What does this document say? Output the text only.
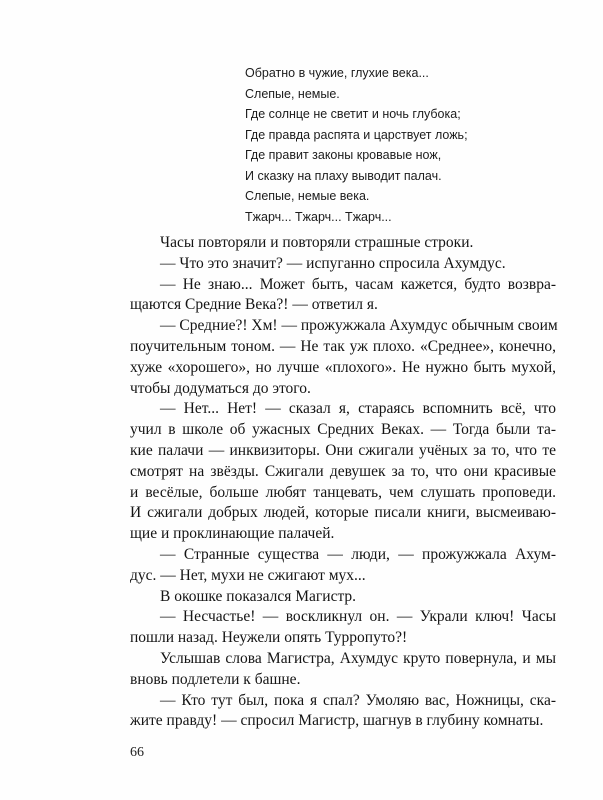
Обратно в чужие, глухие века...
Слепые, немые.
Где солнце не светит и ночь глубока;
Где правда распята и царствует ложь;
Где правит законы кровавые нож,
И сказку на плаху выводит палач.
Слепые, немые века.
Тжарч... Тжарч... Тжарч...
Часы повторяли и повторяли страшные строки.
— Что это значит? — испуганно спросила Ахумдус.
— Не знаю... Может быть, часам кажется, будто возвра-
щаются Средние Века?! — ответил я.
— Средние?! Хм! — прожужжала Ахумдус обычным своим
поучительным тоном. — Не так уж плохо. «Среднее», конечно,
хуже «хорошего», но лучше «плохого». Не нужно быть мухой,
чтобы додуматься до этого.
— Нет... Нет! — сказал я, стараясь вспомнить всё, что
учил в школе об ужасных Средних Веках. — Тогда были та-
кие палачи — инквизиторы. Они сжигали учёных за то, что те
смотрят на звёзды. Сжигали девушек за то, что они красивые
и весёлые, больше любят танцевать, чем слушать проповеди.
И сжигали добрых людей, которые писали книги, высмеиваю-
щие и проклинающие палачей.
— Странные существа — люди, — прожужжала Ахум-
дус. — Нет, мухи не сжигают мух...
В окошке показался Магистр.
— Несчастье! — воскликнул он. — Украли ключ! Часы
пошли назад. Неужели опять Турропуто?!
Услышав слова Магистра, Ахумдус круто повернула, и мы
вновь подлетели к башне.
— Кто тут был, пока я спал? Умоляю вас, Ножницы, ска-
жите правду! — спросил Магистр, шагнув в глубину комнаты.
66
